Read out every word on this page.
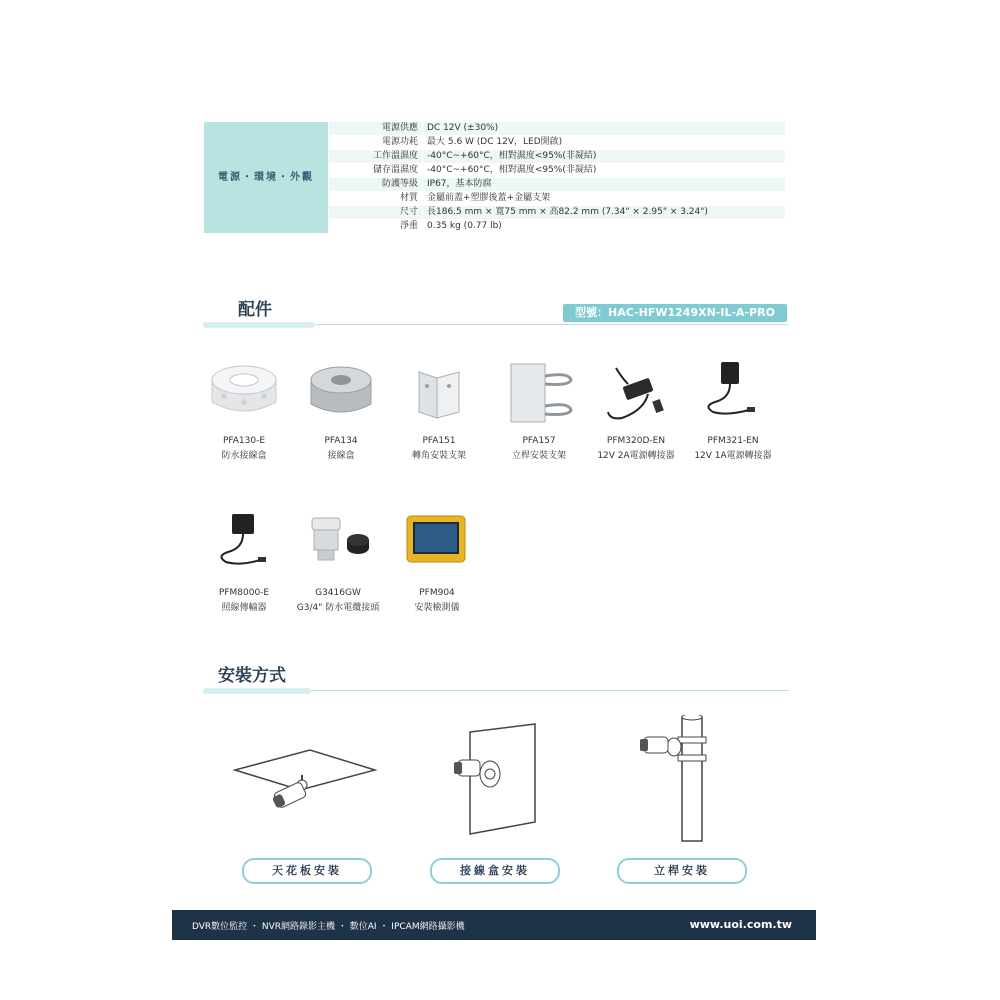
電源・環境・外觀	電源供應	DC 12V (±30%)
	電源功耗	最大 5.6 W (DC 12V，LED開啟)
	工作溫濕度	-40°C~+60°C，相對濕度<95%(非凝結)
	儲存溫濕度	-40°C~+60°C，相對濕度<95%(非凝結)
	防護等級	IP67，基本防腐
	材質	金屬前蓋+塑膠後蓋+金屬支架
	尺寸	長186.5 mm × 寬75 mm × 高82.2 mm (7.34" × 2.95" × 3.24")
	淨重	0.35 kg (0.77 lb)
配件	型號：HAC-HFW1249XN-IL-A-PRO
PFA130-E
防水接線盒
PFA134
接線盒
PFA151
轉角安裝支架
PFA157
立桿安裝支架
PFM320D-EN
12V 2A電源轉接器
PFM321-EN
12V 1A電源轉接器
PFM8000-E
照線傳輸器
G3416GW
G3/4" 防水電纜接頭
PFM904
安裝檢測儀
安裝方式
天花板安裝	接線盒安裝	立桿安裝
DVR數位監控 ・ NVR網路錄影主機 ・ 數位AI ・ IPCAM網路攝影機	www.uoi.com.tw
